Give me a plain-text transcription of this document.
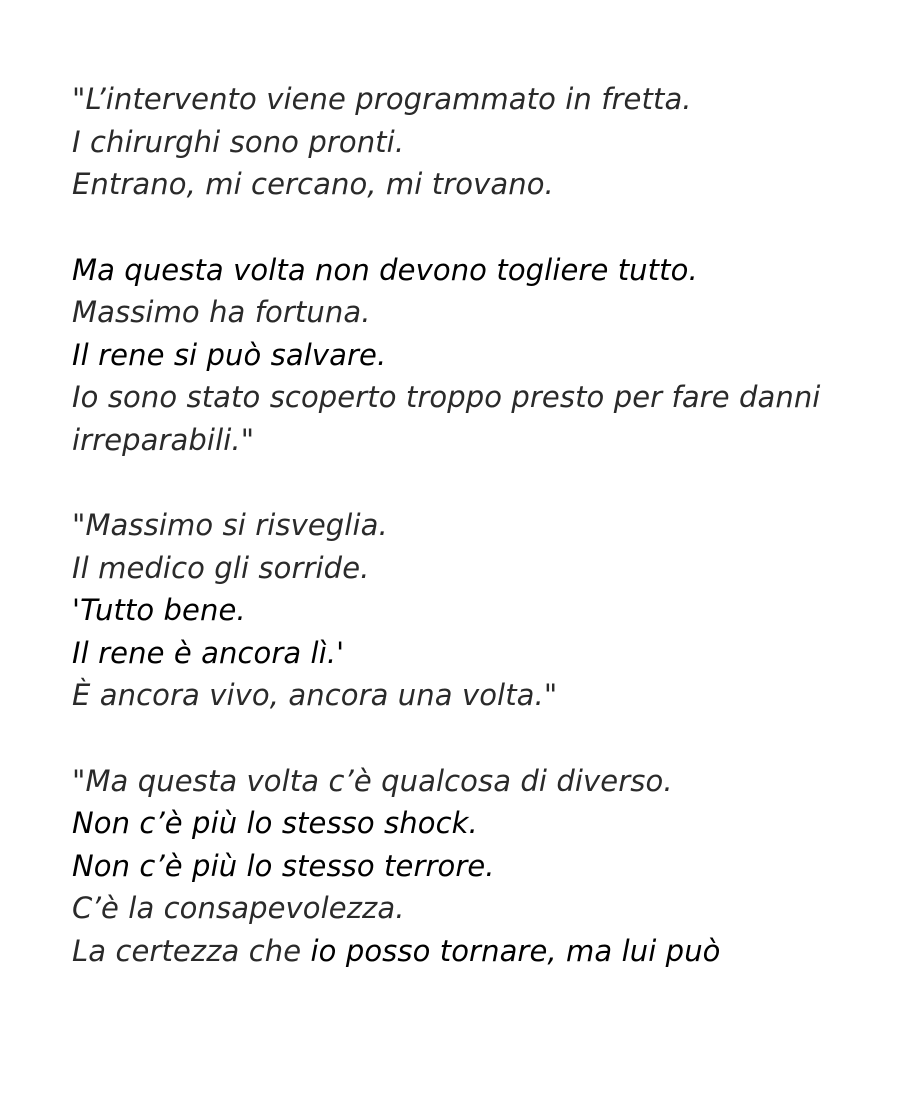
"L’intervento viene programmato in fretta.
I chirurghi sono pronti.
Entrano, mi cercano, mi trovano.
Ma questa volta non devono togliere tutto.
Massimo ha fortuna.
Il rene si può salvare.
Io sono stato scoperto troppo presto per fare danni irreparabili."
"Massimo si risveglia.
Il medico gli sorride.
'Tutto bene.
Il rene è ancora lì.'
È ancora vivo, ancora una volta."
"Ma questa volta c’è qualcosa di diverso.
Non c’è più lo stesso shock.
Non c’è più lo stesso terrore.
C’è la consapevolezza.
La certezza che io posso tornare, ma lui può
